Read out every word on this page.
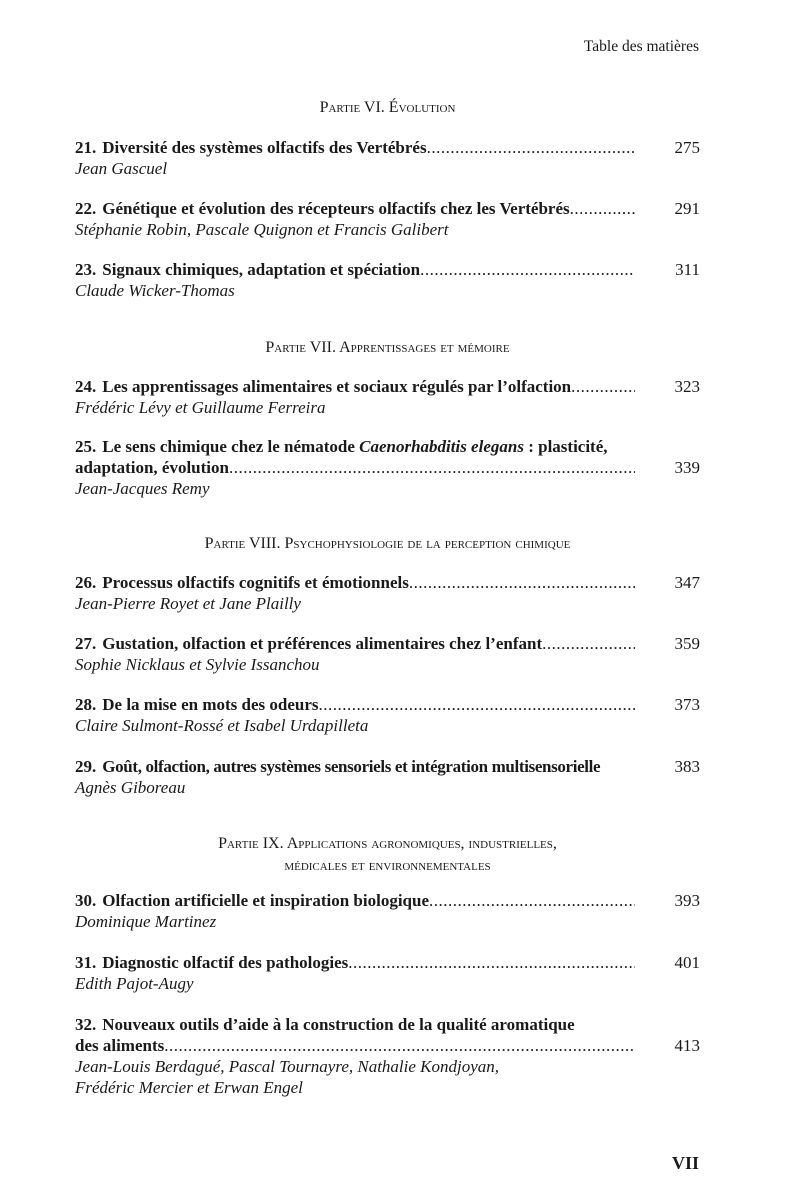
Table des matières
Partie VI. Évolution
21. Diversité des systèmes olfactifs des Vertébrés .....	275
Jean Gascuel
22. Génétique et évolution des récepteurs olfactifs chez les Vertébrés .....	291
Stéphanie Robin, Pascale Quignon et Francis Galibert
23. Signaux chimiques, adaptation et spéciation .....	311
Claude Wicker-Thomas
Partie VII. Apprentissages et mémoire
24. Les apprentissages alimentaires et sociaux régulés par l’olfaction .....	323
Frédéric Lévy et Guillaume Ferreira
25. Le sens chimique chez le nématode Caenorhabditis elegans : plasticité,
adaptation, évolution .....	339
Jean-Jacques Remy
Partie VIII. Psychophysiologie de la perception chimique
26. Processus olfactifs cognitifs et émotionnels .....	347
Jean-Pierre Royet et Jane Plailly
27. Gustation, olfaction et préférences alimentaires chez l’enfant .....	359
Sophie Nicklaus et Sylvie Issanchou
28. De la mise en mots des odeurs .....	373
Claire Sulmont-Rossé et Isabel Urdapilleta
29. Goût, olfaction, autres systèmes sensoriels et intégration multisensorielle	383
Agnès Giboreau
Partie IX. Applications agronomiques, industrielles,
médicales et environnementales
30. Olfaction artificielle et inspiration biologique .....	393
Dominique Martinez
31. Diagnostic olfactif des pathologies .....	401
Edith Pajot-Augy
32. Nouveaux outils d’aide à la construction de la qualité aromatique
des aliments .....	413
Jean-Louis Berdagué, Pascal Tournayre, Nathalie Kondjoyan,
Frédéric Mercier et Erwan Engel
VII
